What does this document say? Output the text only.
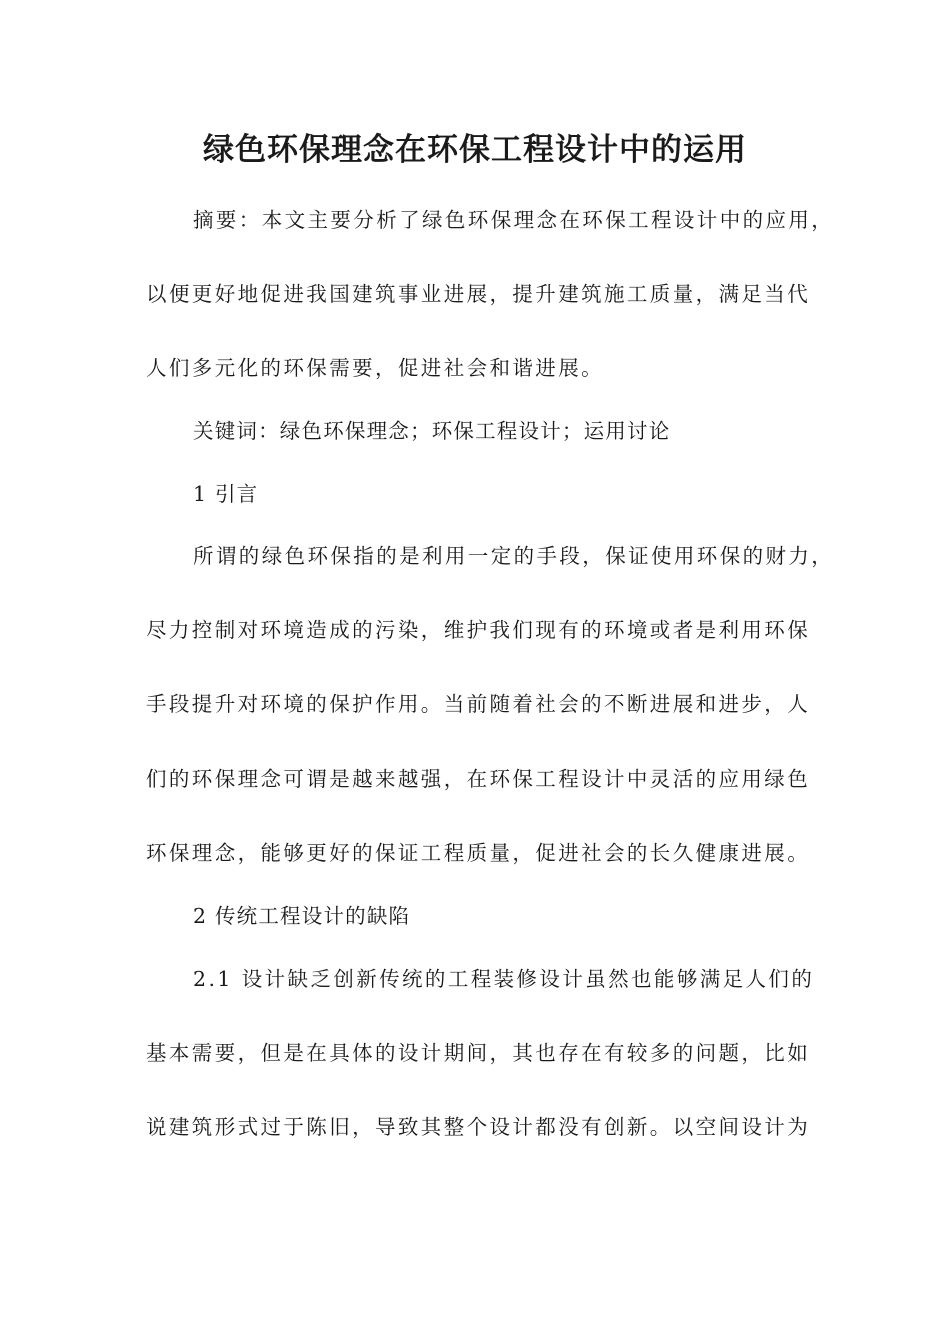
绿色环保理念在环保工程设计中的运用
摘要：本文主要分析了绿色环保理念在环保工程设计中的应用，
以便更好地促进我国建筑事业进展，提升建筑施工质量，满足当代
人们多元化的环保需要，促进社会和谐进展。
关键词：绿色环保理念；环保工程设计；运用讨论
1 引言
所谓的绿色环保指的是利用一定的手段，保证使用环保的财力，
尽力控制对环境造成的污染，维护我们现有的环境或者是利用环保
手段提升对环境的保护作用。当前随着社会的不断进展和进步，人
们的环保理念可谓是越来越强，在环保工程设计中灵活的应用绿色
环保理念，能够更好的保证工程质量，促进社会的长久健康进展。
2 传统工程设计的缺陷
2.1 设计缺乏创新传统的工程装修设计虽然也能够满足人们的
基本需要，但是在具体的设计期间，其也存在有较多的问题，比如
说建筑形式过于陈旧，导致其整个设计都没有创新。以空间设计为
